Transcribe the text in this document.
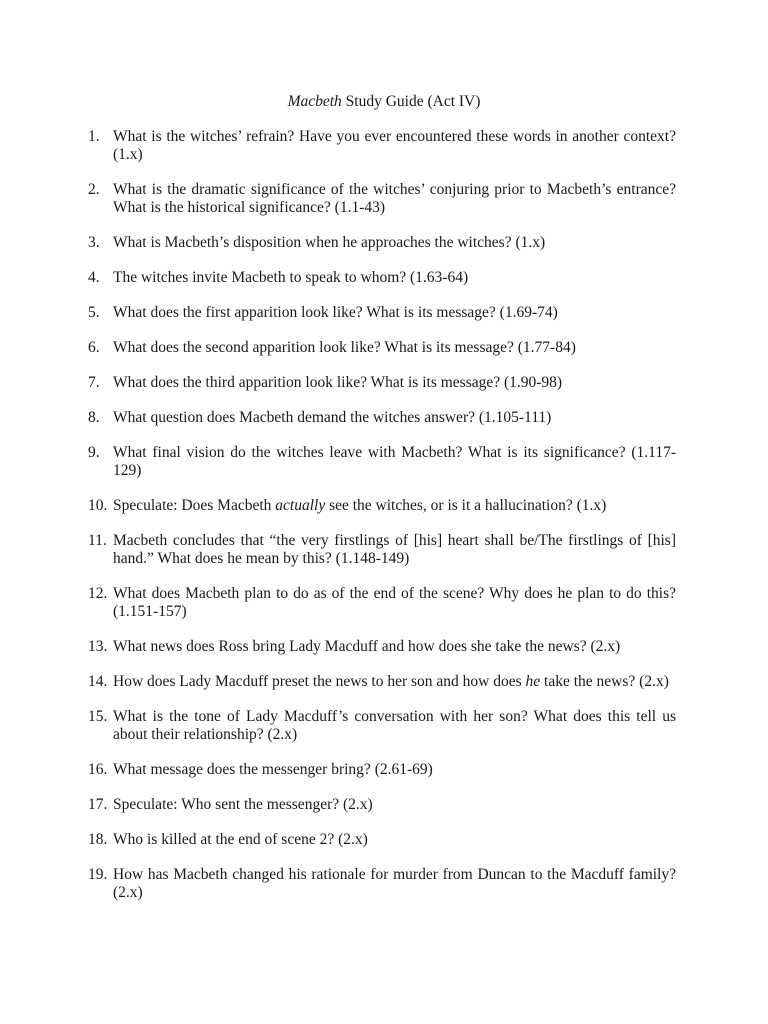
Macbeth Study Guide (Act IV)
1. What is the witches’ refrain? Have you ever encountered these words in another context? (1.x)
2. What is the dramatic significance of the witches’ conjuring prior to Macbeth’s entrance? What is the historical significance? (1.1-43)
3. What is Macbeth’s disposition when he approaches the witches? (1.x)
4. The witches invite Macbeth to speak to whom? (1.63-64)
5. What does the first apparition look like? What is its message? (1.69-74)
6. What does the second apparition look like? What is its message? (1.77-84)
7. What does the third apparition look like? What is its message? (1.90-98)
8. What question does Macbeth demand the witches answer? (1.105-111)
9. What final vision do the witches leave with Macbeth? What is its significance? (1.117-129)
10. Speculate: Does Macbeth actually see the witches, or is it a hallucination? (1.x)
11. Macbeth concludes that “the very firstlings of [his] heart shall be/The firstlings of [his] hand.” What does he mean by this? (1.148-149)
12. What does Macbeth plan to do as of the end of the scene? Why does he plan to do this? (1.151-157)
13. What news does Ross bring Lady Macduff and how does she take the news? (2.x)
14. How does Lady Macduff preset the news to her son and how does he take the news? (2.x)
15. What is the tone of Lady Macduff’s conversation with her son? What does this tell us about their relationship? (2.x)
16. What message does the messenger bring? (2.61-69)
17. Speculate: Who sent the messenger? (2.x)
18. Who is killed at the end of scene 2? (2.x)
19. How has Macbeth changed his rationale for murder from Duncan to the Macduff family? (2.x)
